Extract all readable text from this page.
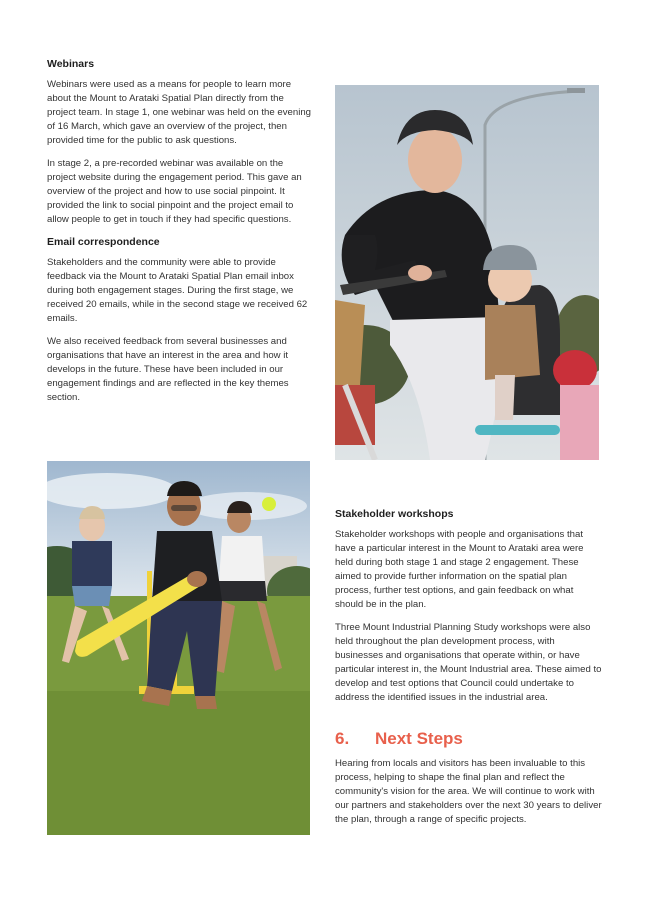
Webinars

Webinars were used as a means for people to learn more about the Mount to Arataki Spatial Plan directly from the project team. In stage 1, one webinar was held on the evening of 16 March, which gave an overview of the project, then provided time for the public to ask questions.

In stage 2, a pre-recorded webinar was available on the project website during the engagement period. This gave an overview of the project and how to use social pinpoint. It provided the link to social pinpoint and the project email to allow people to get in touch if they had specific questions.

Email correspondence

Stakeholders and the community were able to provide feedback via the Mount to Arataki Spatial Plan email inbox during both engagement stages. During the first stage, we received 20 emails, while in the second stage we received 62 emails.

We also received feedback from several businesses and organisations that have an interest in the area and how it develops in the future. These have been included in our engagement findings and are reflected in the key themes section.

Stakeholder workshops

Stakeholder workshops with people and organisations that have a particular interest in the Mount to Arataki area were held during both stage 1 and stage 2 engagement. These aimed to provide further information on the spatial plan process, further test options, and gain feedback on what should be in the plan.

Three Mount Industrial Planning Study workshops were also held throughout the plan development process, with businesses and organisations that operate within, or have particular interest in, the Mount Industrial area. These aimed to develop and test options that Council could undertake to address the identified issues in the industrial area.

6.	Next Steps

Hearing from locals and visitors has been invaluable to this process, helping to shape the final plan and reflect the community's vision for the area. We will continue to work with our partners and stakeholders over the next 30 years to deliver the plan, through a range of specific projects.
